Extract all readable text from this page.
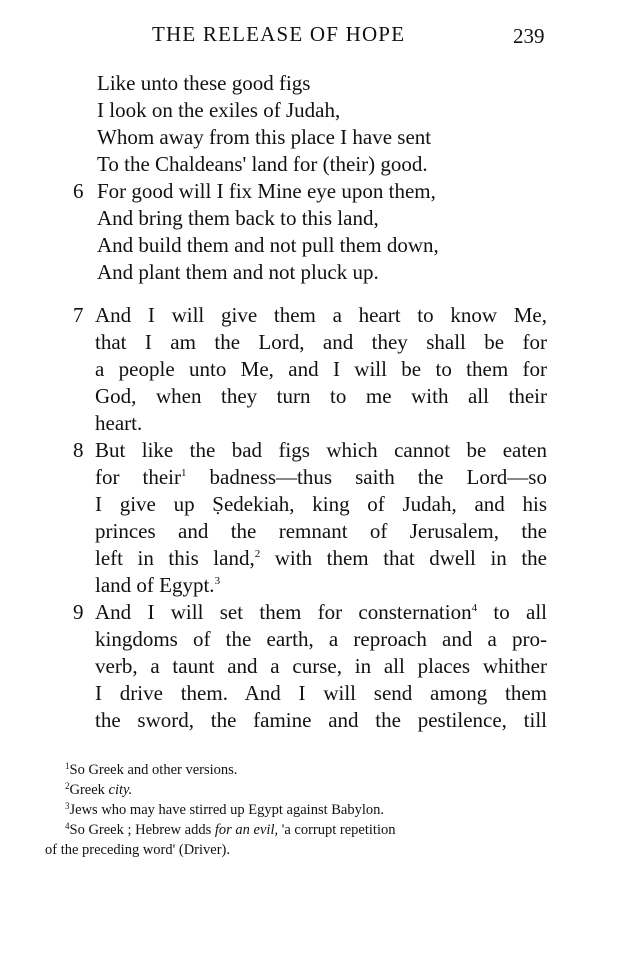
THE RELEASE OF HOPE	239
Like unto these good figs
I look on the exiles of Judah,
Whom away from this place I have sent
To the Chaldeans' land for (their) good.
6 For good will I fix Mine eye upon them,
And bring them back to this land,
And build them and not pull them down,
And plant them and not pluck up.
7 And I will give them a heart to know Me,
that I am the Lord, and they shall be for
a people unto Me, and I will be to them for
God, when they turn to me with all their
heart.
8 But like the bad figs which cannot be eaten
for their$^1$ badness—thus saith the Lord—so
I give up Ṣedekiah, king of Judah, and his
princes and the remnant of Jerusalem, the
left in this land,$^2$ with them that dwell in the
land of Egypt.$^3$
9 And I will set them for consternation$^4$ to all
kingdoms of the earth, a reproach and a pro-
verb, a taunt and a curse, in all places whither
I drive them. And I will send among them
the sword, the famine and the pestilence, till
$^1$So Greek and other versions.
$^2$Greek city.
$^3$Jews who may have stirred up Egypt against Babylon.
$^4$So Greek ; Hebrew adds for an evil, 'a corrupt repetition
of the preceding word' (Driver).
